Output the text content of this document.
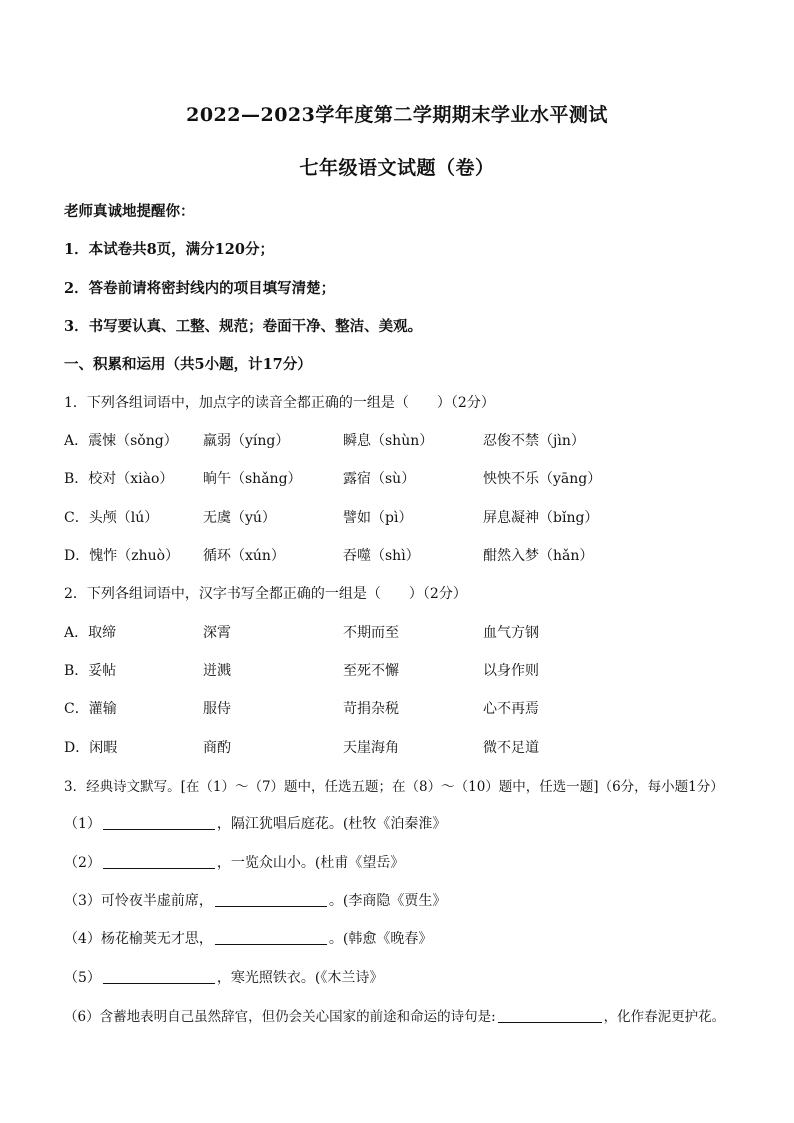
2022—2023学年度第二学期期末学业水平测试
七年级语文试题（卷）
老师真诚地提醒你：
1．本试卷共8页，满分120分；
2．答卷前请将密封线内的项目填写清楚；
3．书写要认真、工整、规范；卷面干净、整洁、美观。
一、积累和运用（共5小题，计17分）
1．下列各组词语中，加点字的读音全都正确的一组是（　　）（2分）
A．震悚（sǒng） 羸弱（yíng）	瞬息（shùn）	忍俊不禁（jìn）
B．校对（xiào） 晌午（shǎng）	露宿（sù）	怏怏不乐（yāng）
C．头颅（lú）	无虞（yú）	譬如（pì）	屏息凝神（bǐng）
D．愧怍（zhuò） 循环（xún）	吞噬（shì）	酣然入梦（hǎn）
2．下列各组词语中，汉字书写全都正确的一组是（　　）（2分）
A．取缔	深霄	不期而至	血气方钢
B．妥帖	迸溅	至死不懈	以身作则
C．灌输	服侍	苛捐杂税	心不再焉
D．闲暇	商酌	天崖海角	微不足道
3．经典诗文默写。[在（1）～（7）题中，任选五题；在（8）～（10）题中，任选一题]（6分，每小题1分）
（1）	，隔江犹唱后庭花。(杜牧《泊秦淮》
（2）	，一览众山小。(杜甫《望岳》
（3）可怜夜半虚前席，	。(李商隐《贾生》
（4）杨花榆荚无才思，	。(韩愈《晚春》
（5）	，寒光照铁衣。(《木兰诗》
（6）含蓄地表明自己虽然辞官，但仍会关心国家的前途和命运的诗句是:	，化作春泥更护花。
